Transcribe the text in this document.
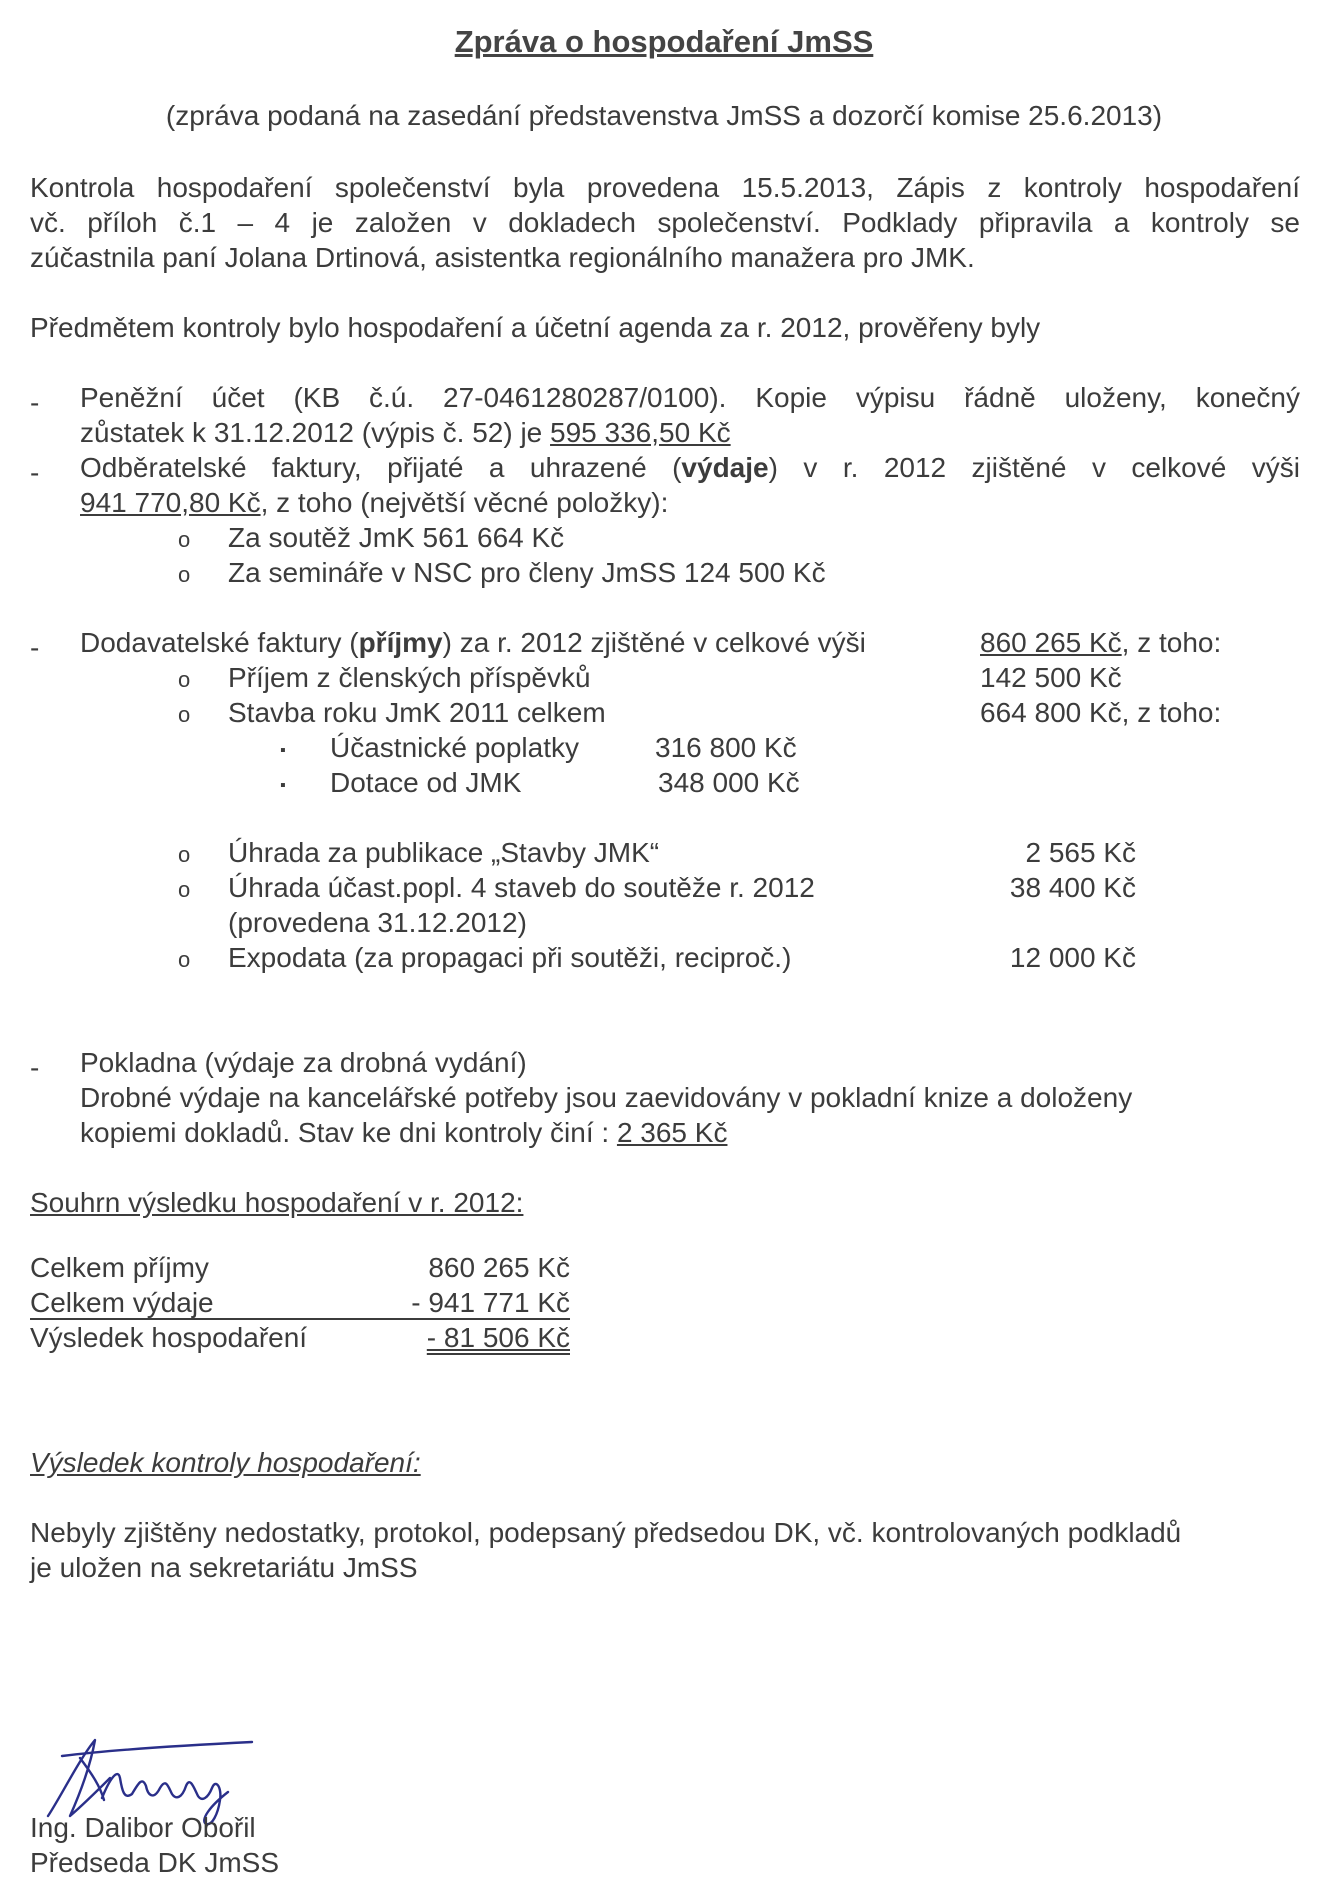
Zpráva o hospodaření JmSS
(zpráva podaná na zasedání představenstva JmSS a dozorčí komise 25.6.2013)
Kontrola hospodaření společenství byla provedena 15.5.2013, Zápis z kontroly hospodaření
vč. příloh č.1 – 4 je založen v dokladech společenství. Podklady připravila a kontroly se
zúčastnila paní Jolana Drtinová, asistentka regionálního manažera pro JMK.
Předmětem kontroly bylo hospodaření a účetní agenda za r. 2012, prověřeny byly
- Peněžní účet (KB č.ú. 27-0461280287/0100). Kopie výpisu řádně uloženy, konečný
zůstatek k 31.12.2012 (výpis č. 52) je 595 336,50 Kč
- Odběratelské faktury, přijaté a uhrazené (výdaje) v r. 2012 zjištěné v celkové výši
941 770,80 Kč, z toho (největší věcné položky):
o Za soutěž JmK 561 664 Kč
o Za semináře v NSC pro členy JmSS 124 500 Kč
- Dodavatelské faktury (příjmy) za r. 2012 zjištěné v celkové výši	860 265 Kč, z toho:
o Příjem z členských příspěvků	142 500 Kč
o Stavba roku JmK 2011 celkem	664 800 Kč, z toho:
▪ Účastnické poplatky	316 800 Kč
▪ Dotace od JMK	348 000 Kč
o Úhrada za publikace „Stavby JMK“	2 565 Kč
o Úhrada účast.popl. 4 staveb do soutěže r. 2012
(provedena 31.12.2012)
38 400 Kč
o Expodata (za propagaci při soutěži, reciproč.)	12 000 Kč
- Pokladna (výdaje za drobná vydání)
Drobné výdaje na kancelářské potřeby jsou zaevidovány v pokladní knize a doloženy
kopiemi dokladů. Stav ke dni kontroly činí : 2 365 Kč
Souhrn výsledku hospodaření v r. 2012:
Celkem příjmy	860 265 Kč
Celkem výdaje	- 941 771 Kč
Výsledek hospodaření	- 81 506 Kč
Výsledek kontroly hospodaření:
Nebyly zjištěny nedostatky, protokol, podepsaný předsedou DK, vč. kontrolovaných podkladů
je uložen na sekretariátu JmSS
Ing. Dalibor Obořil
Předseda DK JmSS
